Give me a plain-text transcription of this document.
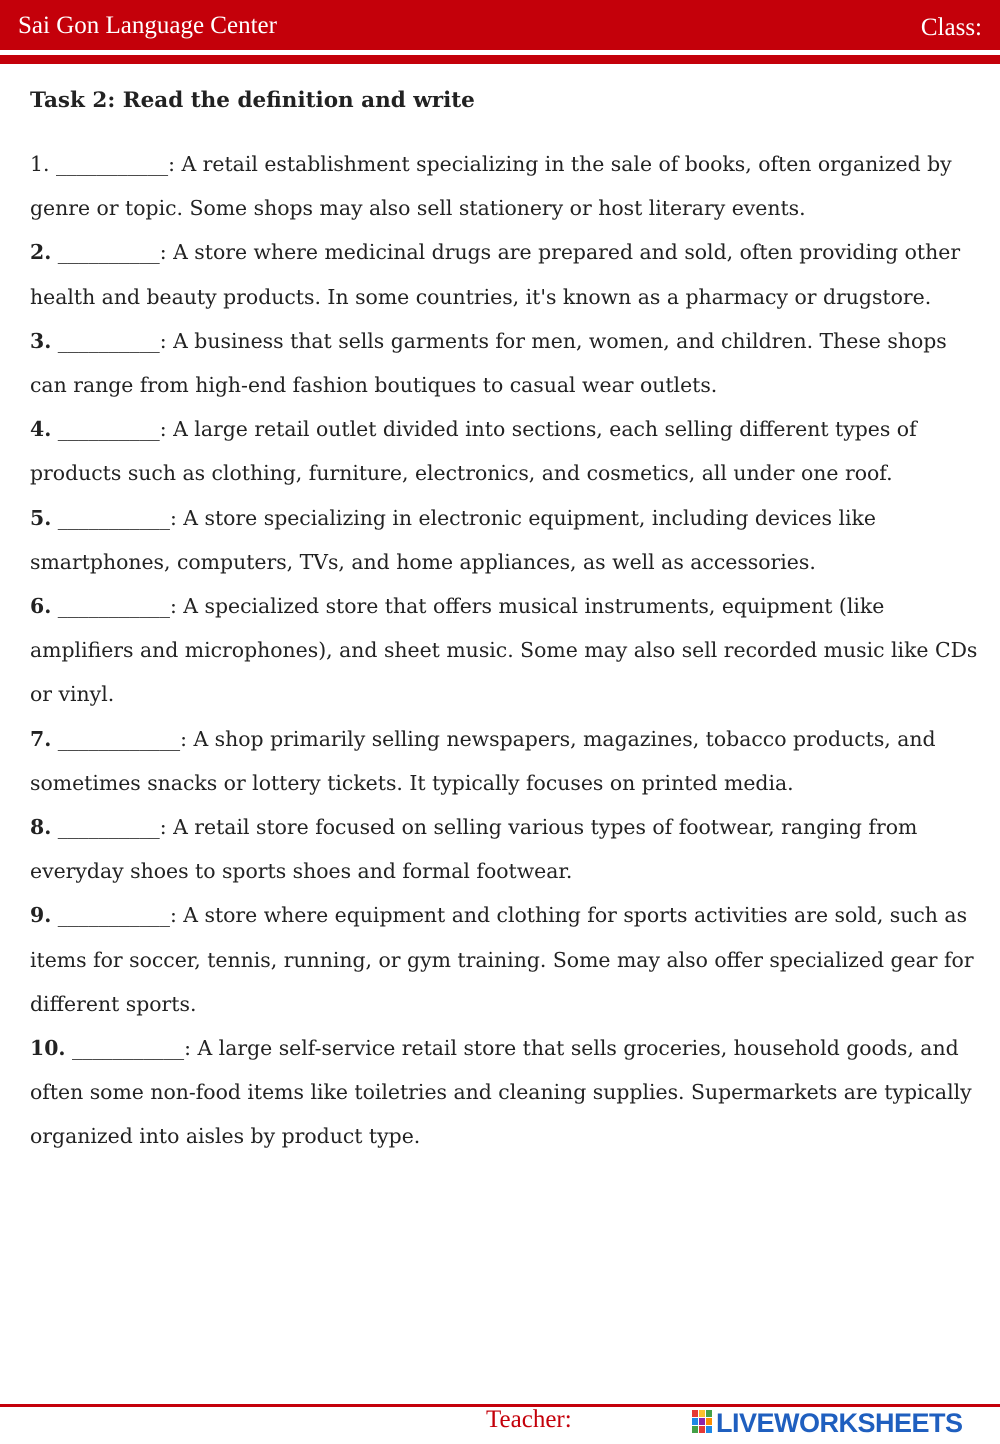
Sai Gon Language Center	Class:
Task 2: Read the definition and write

1. ___________: A retail establishment specializing in the sale of books, often organized by genre or topic. Some shops may also sell stationery or host literary events.

2. __________: A store where medicinal drugs are prepared and sold, often providing other health and beauty products. In some countries, it's known as a pharmacy or drugstore.

3. __________: A business that sells garments for men, women, and children. These shops can range from high-end fashion boutiques to casual wear outlets.

4. __________: A large retail outlet divided into sections, each selling different types of products such as clothing, furniture, electronics, and cosmetics, all under one roof.

5. ___________: A store specializing in electronic equipment, including devices like smartphones, computers, TVs, and home appliances, as well as accessories.

6. ___________: A specialized store that offers musical instruments, equipment (like amplifiers and microphones), and sheet music. Some may also sell recorded music like CDs or vinyl.

7. ____________: A shop primarily selling newspapers, magazines, tobacco products, and sometimes snacks or lottery tickets. It typically focuses on printed media.

8. __________: A retail store focused on selling various types of footwear, ranging from everyday shoes to sports shoes and formal footwear.

9. ___________: A store where equipment and clothing for sports activities are sold, such as items for soccer, tennis, running, or gym training. Some may also offer specialized gear for different sports.

10. ___________: A large self-service retail store that sells groceries, household goods, and often some non-food items like toiletries and cleaning supplies. Supermarkets are typically organized into aisles by product type.

Teacher:	LIVEWORKSHEETS
